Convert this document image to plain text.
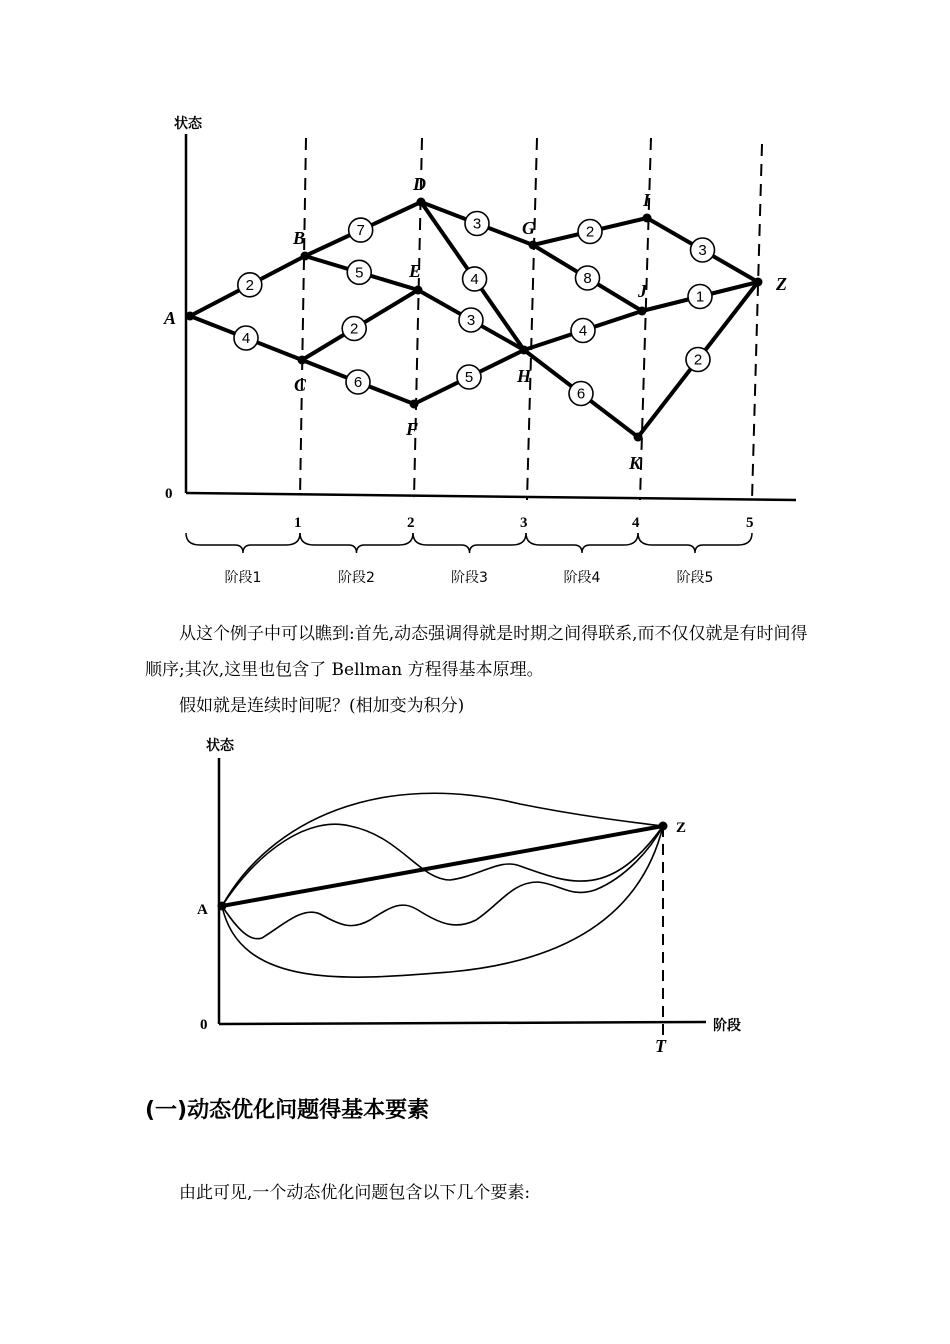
状态
0
1	2	3	4	5
阶段1	阶段2	阶段3	阶段4	阶段5
2
4
7
5
2
6
3
4
3
5
2
8
4
6
3
1
2
A
B
C
D
E
F
G
H
I
J
K
Z

从这个例子中可以瞧到:首先,动态强调得就是时期之间得联系,而不仅仅就是有时间得顺序;其次,这里也包含了 Bellman 方程得基本原理。

假如就是连续时间呢？(相加变为积分)

状态
A
Z
0	阶段
T
(一)动态优化问题得基本要素

由此可见,一个动态优化问题包含以下几个要素:
